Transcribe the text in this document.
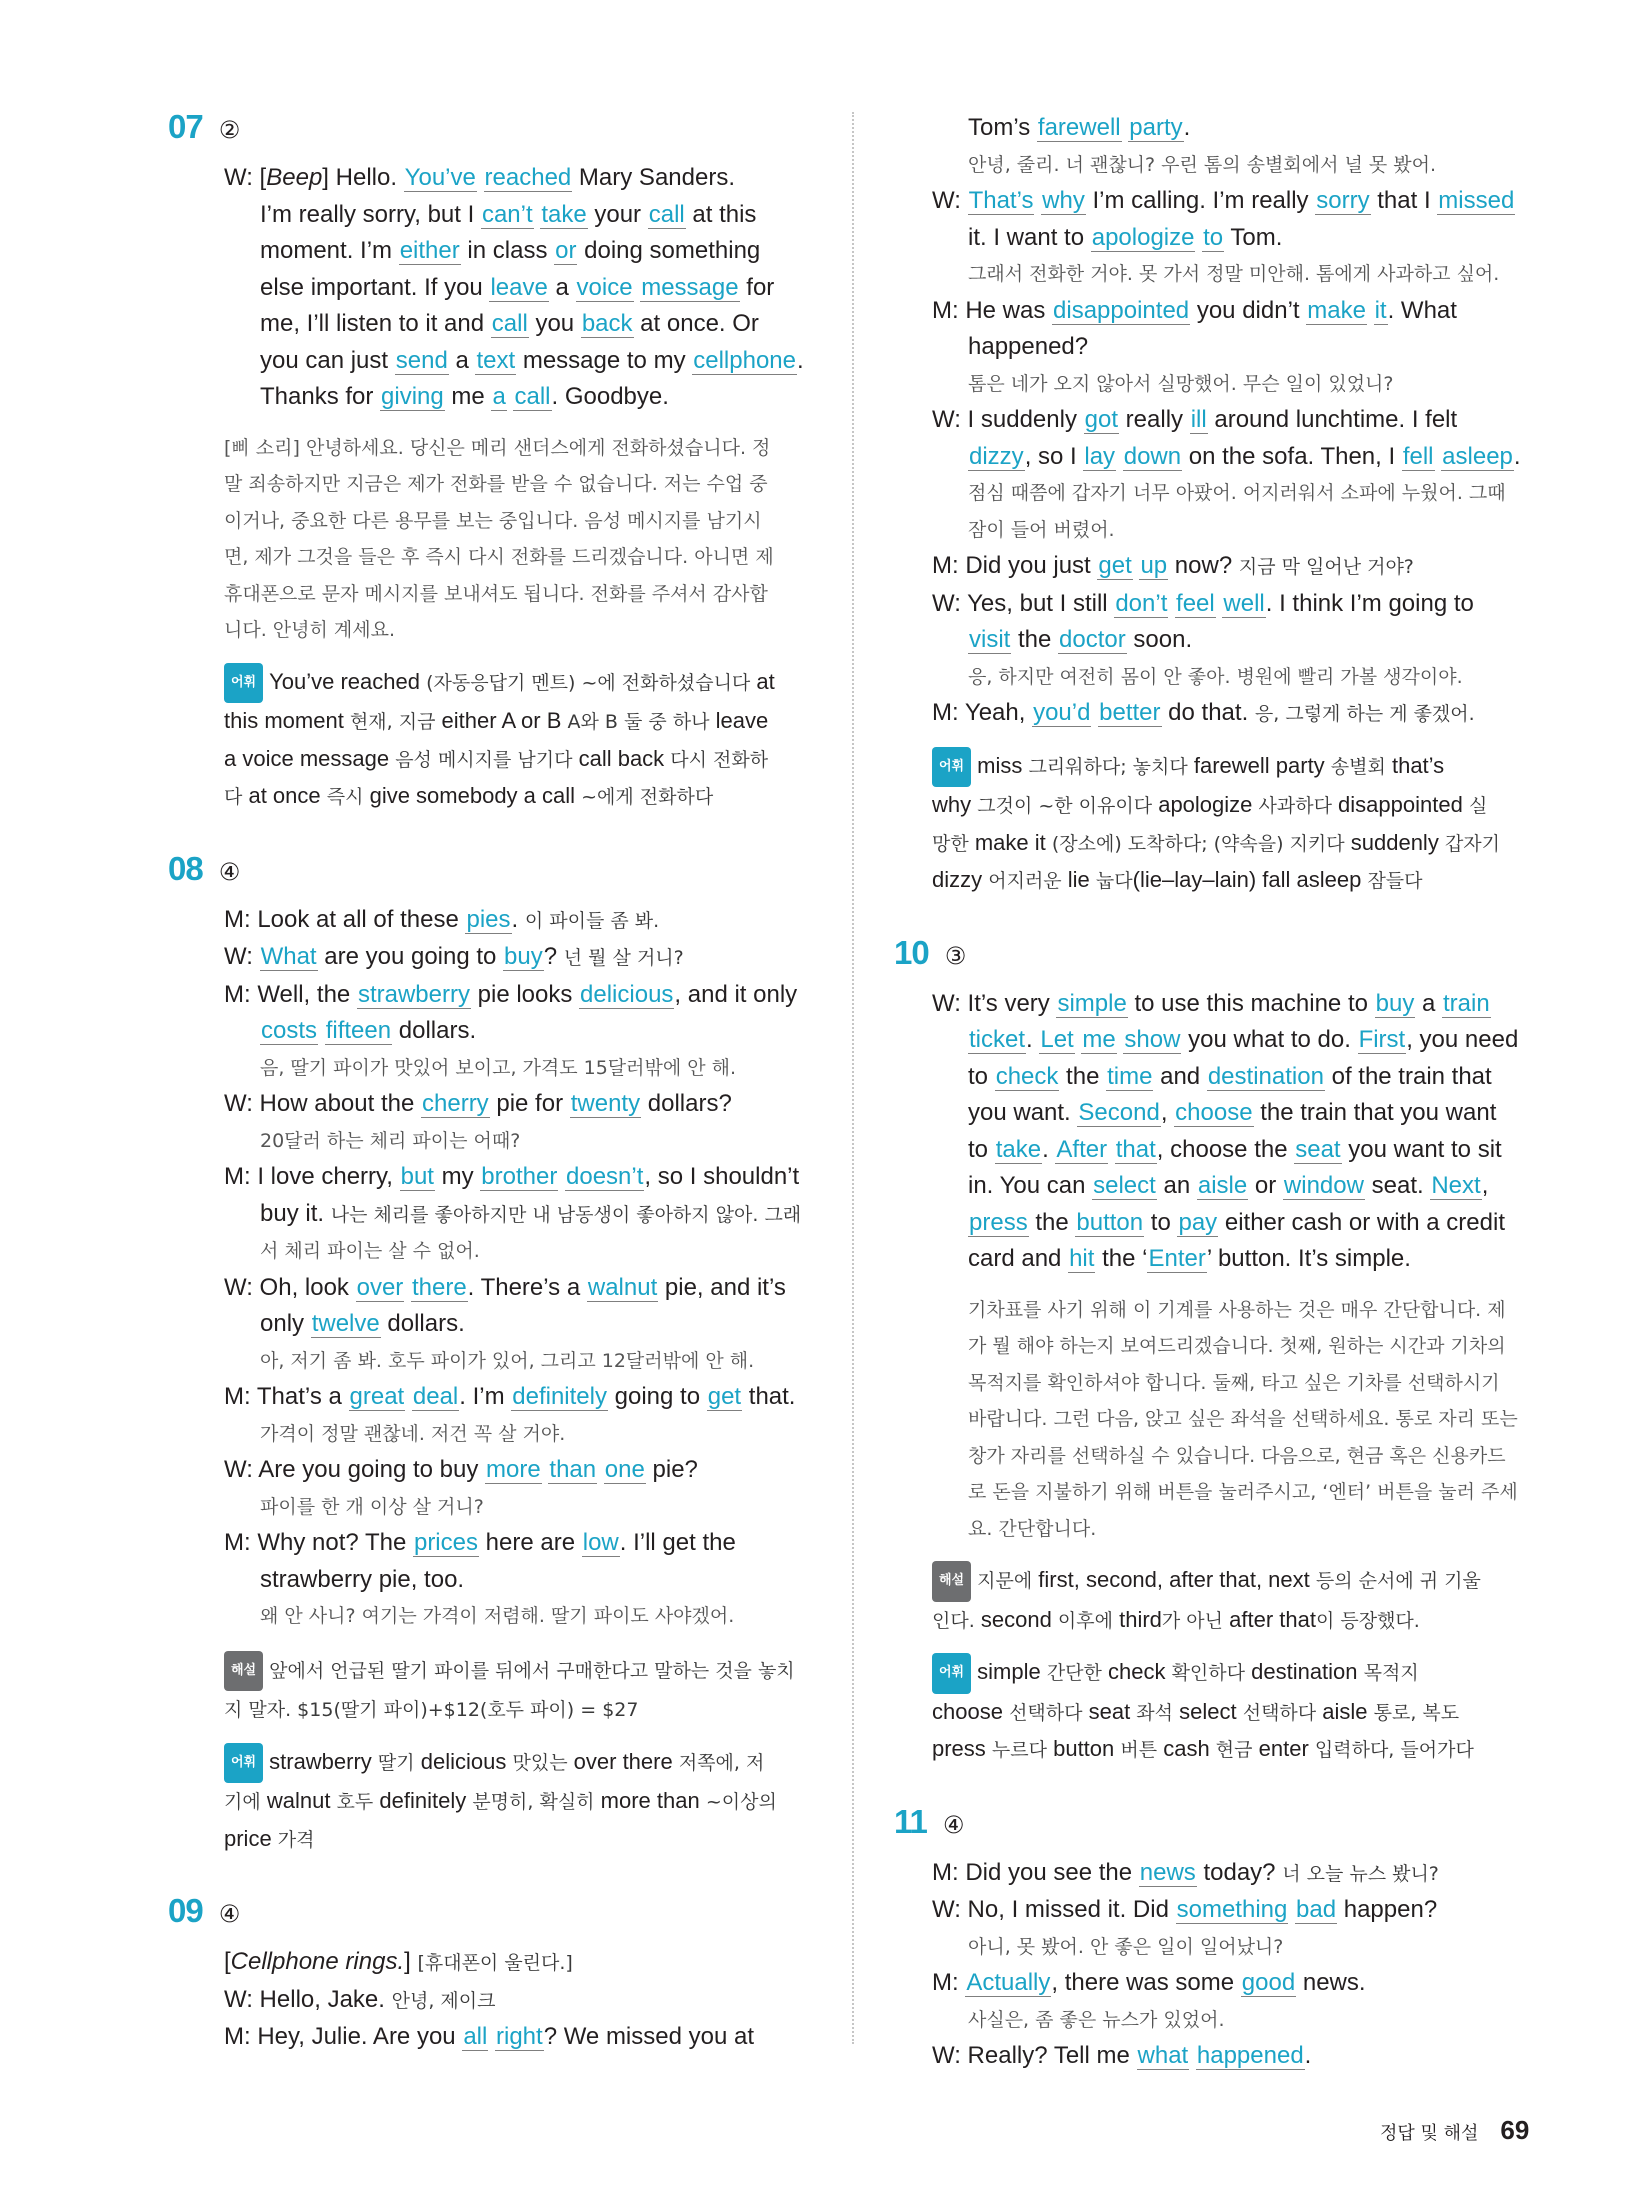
07 ②
W: [Beep] Hello. You’ve reached Mary Sanders.
I’m really sorry, but I can’t take your call at this
moment. I’m either in class or doing something
else important. If you leave a voice message for
me, I’ll listen to it and call you back at once. Or
you can just send a text message to my cellphone.
Thanks for giving me a call. Goodbye.
[삐 소리] 안녕하세요. 당신은 메리 샌더스에게 전화하셨습니다. 정
말 죄송하지만 지금은 제가 전화를 받을 수 없습니다. 저는 수업 중
이거나, 중요한 다른 용무를 보는 중입니다. 음성 메시지를 남기시
면, 제가 그것을 들은 후 즉시 다시 전화를 드리겠습니다. 아니면 제
휴대폰으로 문자 메시지를 보내셔도 됩니다. 전화를 주셔서 감사합
니다. 안녕히 계세요.
어휘 You’ve reached (자동응답기 멘트) ~에 전화하셨습니다 at
this moment 현재, 지금 either A or B A와 B 둘 중 하나 leave
a voice message 음성 메시지를 남기다 call back 다시 전화하
다 at once 즉시 give somebody a call ~에게 전화하다
08 ④
M: Look at all of these pies. 이 파이들 좀 봐.
W: What are you going to buy? 넌 뭘 살 거니?
M: Well, the strawberry pie looks delicious, and it only
costs fifteen dollars.
음, 딸기 파이가 맛있어 보이고, 가격도 15달러밖에 안 해.
W: How about the cherry pie for twenty dollars?
20달러 하는 체리 파이는 어때?
M: I love cherry, but my brother doesn’t, so I shouldn’t
buy it. 나는 체리를 좋아하지만 내 남동생이 좋아하지 않아. 그래
서 체리 파이는 살 수 없어.
W: Oh, look over there. There’s a walnut pie, and it’s
only twelve dollars.
아, 저기 좀 봐. 호두 파이가 있어, 그리고 12달러밖에 안 해.
M: That’s a great deal. I’m definitely going to get that.
가격이 정말 괜찮네. 저건 꼭 살 거야.
W: Are you going to buy more than one pie?
파이를 한 개 이상 살 거니?
M: Why not? The prices here are low. I’ll get the
strawberry pie, too.
왜 안 사니? 여기는 가격이 저렴해. 딸기 파이도 사야겠어.
해설 앞에서 언급된 딸기 파이를 뒤에서 구매한다고 말하는 것을 놓치
지 말자. $15(딸기 파이)+$12(호두 파이) = $27
어휘 strawberry 딸기 delicious 맛있는 over there 저쪽에, 저
기에 walnut 호두 definitely 분명히, 확실히 more than ~이상의
price 가격
09 ④
[Cellphone rings.] [휴대폰이 울린다.]
W: Hello, Jake. 안녕, 제이크
M: Hey, Julie. Are you all right? We missed you at
Tom’s farewell party.
안녕, 줄리. 너 괜찮니? 우린 톰의 송별회에서 널 못 봤어.
W: That’s why I’m calling. I’m really sorry that I missed
it. I want to apologize to Tom.
그래서 전화한 거야. 못 가서 정말 미안해. 톰에게 사과하고 싶어.
M: He was disappointed you didn’t make it. What
happened?
톰은 네가 오지 않아서 실망했어. 무슨 일이 있었니?
W: I suddenly got really ill around lunchtime. I felt
dizzy, so I lay down on the sofa. Then, I fell asleep.
점심 때쯤에 갑자기 너무 아팠어. 어지러워서 소파에 누웠어. 그때
잠이 들어 버렸어.
M: Did you just get up now? 지금 막 일어난 거야?
W: Yes, but I still don’t feel well. I think I’m going to
visit the doctor soon.
응, 하지만 여전히 몸이 안 좋아. 병원에 빨리 가볼 생각이야.
M: Yeah, you’d better do that. 응, 그렇게 하는 게 좋겠어.
어휘 miss 그리워하다; 놓치다 farewell party 송별회 that’s
why 그것이 ~한 이유이다 apologize 사과하다 disappointed 실
망한 make it (장소에) 도착하다; (약속을) 지키다 suddenly 갑자기
dizzy 어지러운 lie 눕다(lie–lay–lain) fall asleep 잠들다
10 ③
W: It’s very simple to use this machine to buy a train
ticket. Let me show you what to do. First, you need
to check the time and destination of the train that
you want. Second, choose the train that you want
to take. After that, choose the seat you want to sit
in. You can select an aisle or window seat. Next,
press the button to pay either cash or with a credit
card and hit the ‘Enter’ button. It’s simple.
기차표를 사기 위해 이 기계를 사용하는 것은 매우 간단합니다. 제
가 뭘 해야 하는지 보여드리겠습니다. 첫째, 원하는 시간과 기차의
목적지를 확인하셔야 합니다. 둘째, 타고 싶은 기차를 선택하시기
바랍니다. 그런 다음, 앉고 싶은 좌석을 선택하세요. 통로 자리 또는
창가 자리를 선택하실 수 있습니다. 다음으로, 현금 혹은 신용카드
로 돈을 지불하기 위해 버튼을 눌러주시고, ‘엔터’ 버튼을 눌러 주세
요. 간단합니다.
해설 지문에 first, second, after that, next 등의 순서에 귀 기울
인다. second 이후에 third가 아닌 after that이 등장했다.
어휘 simple 간단한 check 확인하다 destination 목적지
choose 선택하다 seat 좌석 select 선택하다 aisle 통로, 복도
press 누르다 button 버튼 cash 현금 enter 입력하다, 들어가다
11 ④
M: Did you see the news today? 너 오늘 뉴스 봤니?
W: No, I missed it. Did something bad happen?
아니, 못 봤어. 안 좋은 일이 일어났니?
M: Actually, there was some good news.
사실은, 좀 좋은 뉴스가 있었어.
W: Really? Tell me what happened.
정답 및 해설 69
